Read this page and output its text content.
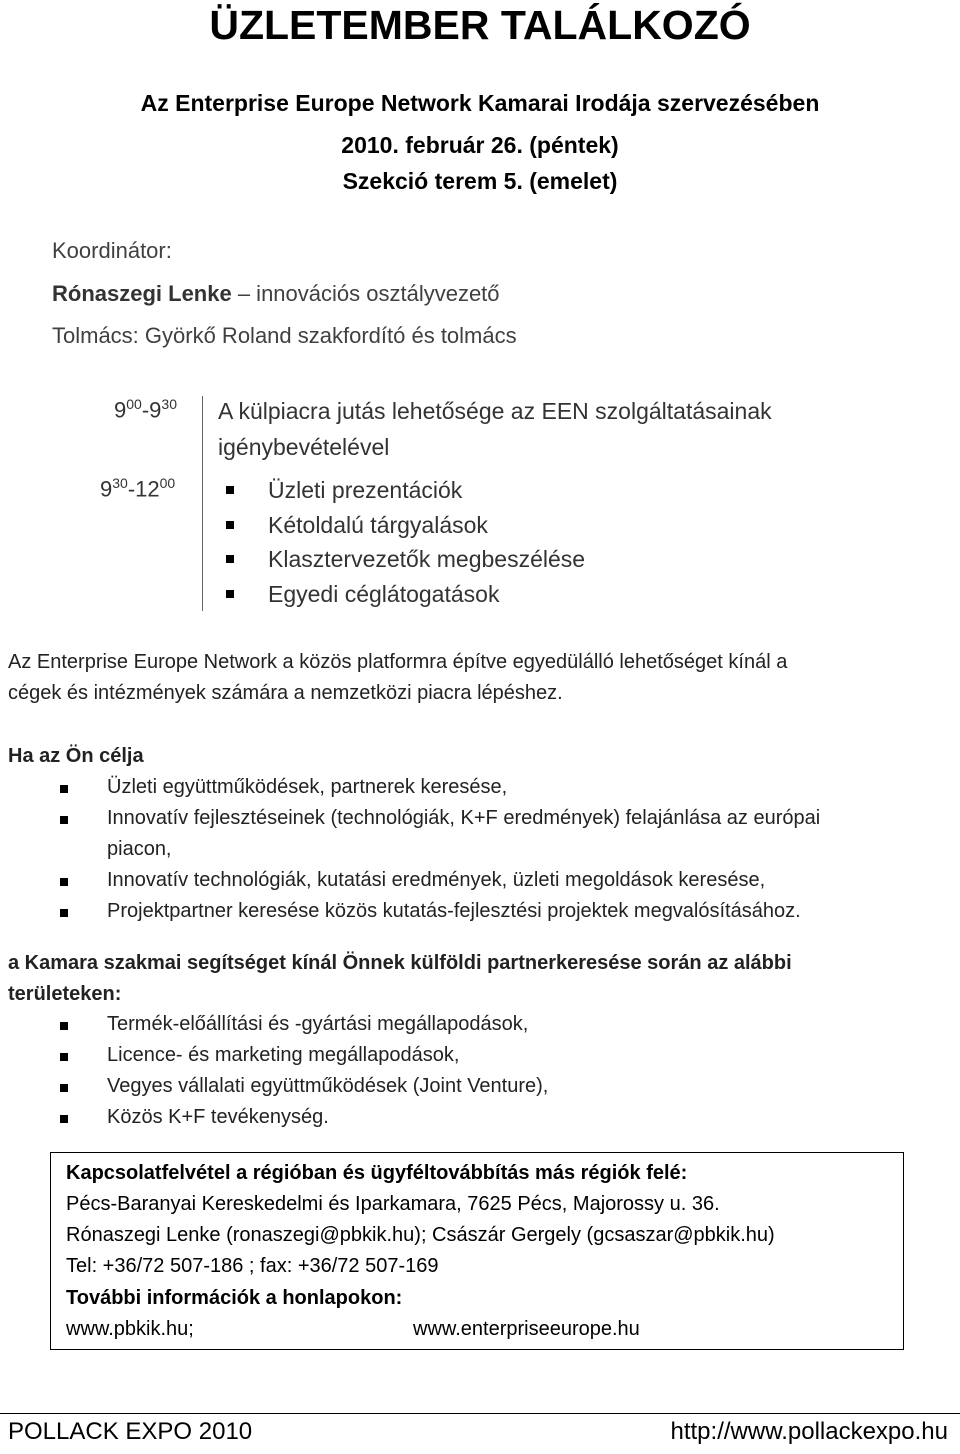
ÜZLETEMBER TALÁLKOZÓ
Az Enterprise Europe Network Kamarai Irodája szervezésében
2010. február 26. (péntek)
Szekció terem 5. (emelet)
Koordinátor:
Rónaszegi Lenke – innovációs osztályvezető
Tolmács: Györkő Roland szakfordító és tolmács
$9^{00}-9^{30}$ A külpiacra jutás lehetősége az EEN szolgáltatásainak
igénybevételével
$9^{30}-12^{00}$	Üzleti prezentációk
Kétoldalú tárgyalások
Klasztervezetők megbeszélése
Egyedi céglátogatások
Az Enterprise Europe Network a közös platformra építve egyedülálló lehetőséget kínál a
cégek és intézmények számára a nemzetközi piacra lépéshez.
Ha az Ön célja
Üzleti együttműködések, partnerek keresése,
Innovatív fejlesztéseinek (technológiák, K+F eredmények) felajánlása az európai
piacon,
Innovatív technológiák, kutatási eredmények, üzleti megoldások keresése,
Projektpartner keresése közös kutatás-fejlesztési projektek megvalósításához.
a Kamara szakmai segítséget kínál Önnek külföldi partnerkeresése során az alábbi
területeken:
Termék-előállítási és -gyártási megállapodások,
Licence- és marketing megállapodások,
Vegyes vállalati együttműködések (Joint Venture),
Közös K+F tevékenység.
Kapcsolatfelvétel a régióban és ügyféltovábbítás más régiók felé:
Pécs-Baranyai Kereskedelmi és Iparkamara, 7625 Pécs, Majorossy u. 36.
Rónaszegi Lenke (ronaszegi@pbkik.hu); Császár Gergely (gcsaszar@pbkik.hu)
Tel: +36/72 507-186 ; fax: +36/72 507-169
További információk a honlapokon:
www.pbkik.hu;	www.enterpriseeurope.hu
POLLACK EXPO 2010	http://www.pollackexpo.hu
